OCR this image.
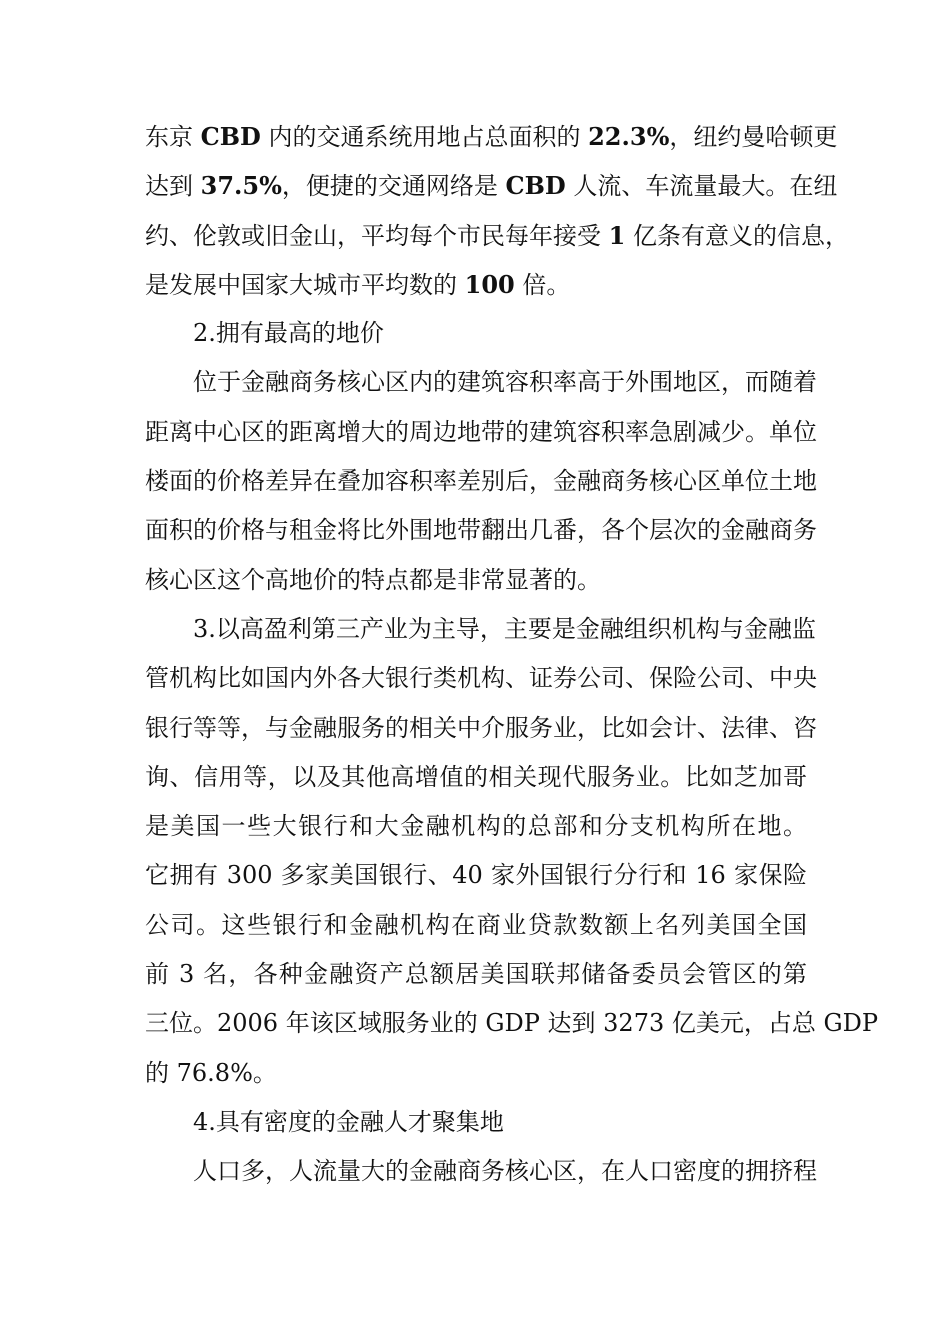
东京 CBD 内的交通系统用地占总面积的 22.3%，纽约曼哈顿更
达到 37.5%，便捷的交通网络是 CBD 人流、车流量最大。在纽
约、伦敦或旧金山，平均每个市民每年接受 1 亿条有意义的信息，
是发展中国家大城市平均数的 100 倍。
2.拥有最高的地价
位于金融商务核心区内的建筑容积率高于外围地区，而随着
距离中心区的距离增大的周边地带的建筑容积率急剧减少。单位
楼面的价格差异在叠加容积率差别后，金融商务核心区单位土地
面积的价格与租金将比外围地带翻出几番，各个层次的金融商务
核心区这个高地价的特点都是非常显著的。
3.以高盈利第三产业为主导，主要是金融组织机构与金融监
管机构比如国内外各大银行类机构、证券公司、保险公司、中央
银行等等，与金融服务的相关中介服务业，比如会计、法律、咨
询、信用等，以及其他高增值的相关现代服务业。比如芝加哥
是美国一些大银行和大金融机构的总部和分支机构所在地。
它拥有 300 多家美国银行、40 家外国银行分行和 16 家保险
公司。这些银行和金融机构在商业贷款数额上名列美国全国
前 3 名，各种金融资产总额居美国联邦储备委员会管区的第
三位。2006 年该区域服务业的 GDP 达到 3273 亿美元，占总 GDP
的 76.8%。
4.具有密度的金融人才聚集地
人口多，人流量大的金融商务核心区，在人口密度的拥挤程
